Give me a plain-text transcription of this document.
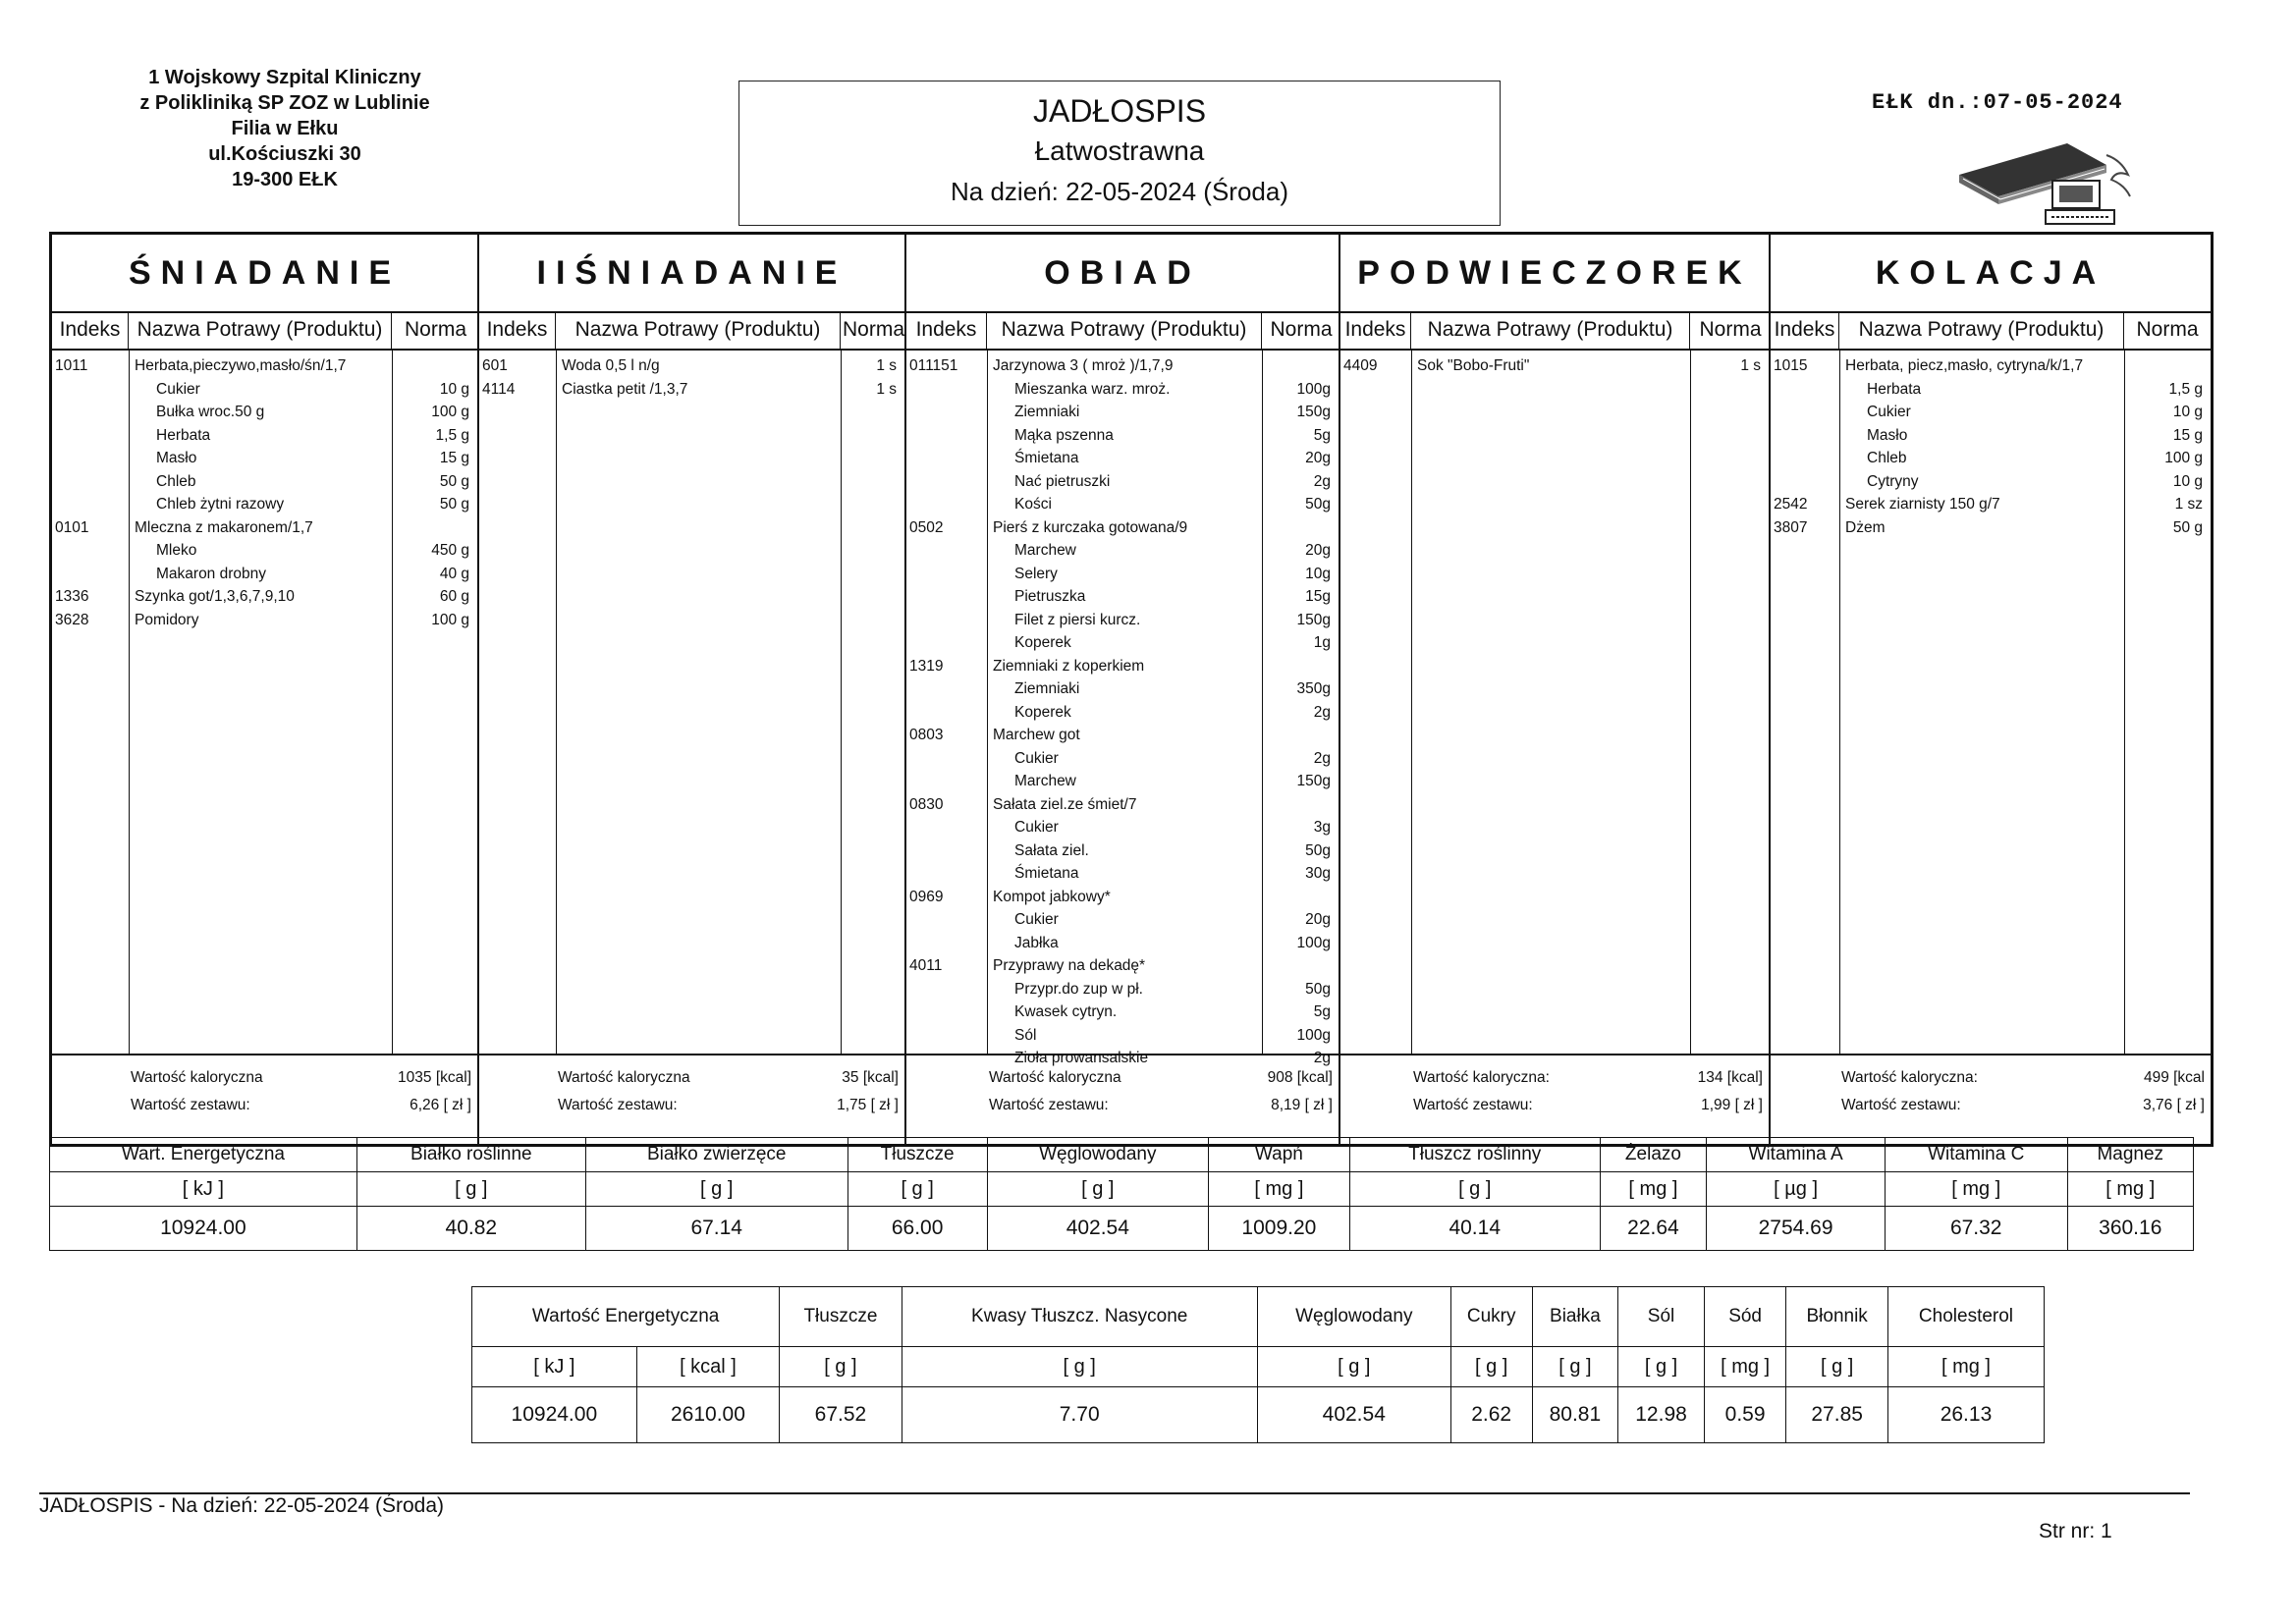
1 Wojskowy Szpital Kliniczny
z Polikliniką SP ZOZ w Lublinie
Filia w Ełku
ul.Kościuszki 30
19-300 EŁK
JADŁOSPIS
Łatwostrawna
Na dzień: 22-05-2024 (Środa)
EŁK dn.:07-05-2024
ŚNIADANIE
Indeks Nazwa Potrawy (Produktu)	Norma
1011	Herbata,pieczywo,masło/śn/1,7
Cukier	10 g
Bułka wroc.50 g	100 g
Herbata	1,5 g
Masło	15 g
Chleb	50 g
Chleb żytni razowy	50 g
0101	Mleczna z makaronem/1,7
Mleko	450 g
Makaron drobny	40 g
1336	Szynka got/1,3,6,7,9,10	60 g
3628	Pomidory	100 g
Wartość kaloryczna	1035 [kcal]
Wartość zestawu:	6,26 [ zł ]
IIŚNIADANIE
Indeks	Nazwa Potrawy (Produktu)	Norma
601	Woda 0,5 l n/g	1 s
4114	Ciastka petit /1,3,7	1 s
Wartość kaloryczna	35 [kcal]
Wartość zestawu:	1,75 [ zł ]
OBIAD
Indeks	Nazwa Potrawy (Produktu)	Norma
011151 Jarzynowa 3 ( mroż )/1,7,9
Mieszanka warz. mroż.	100g
Ziemniaki	150g
Mąka pszenna	5g
Śmietana	20g
Nać pietruszki	2g
Kości	50g
0502	Pierś z kurczaka gotowana/9
Marchew	20g
Selery	10g
Pietruszka	15g
Filet z piersi kurcz.	150g
Koperek	1g
1319	Ziemniaki z koperkiem
Ziemniaki	350g
Koperek	2g
0803	Marchew got
Cukier	2g
Marchew	150g
0830	Sałata ziel.ze śmiet/7
Cukier	3g
Sałata ziel.	50g
Śmietana	30g
0969	Kompot jabkowy*
Cukier	20g
Jabłka	100g
4011	Przyprawy na dekadę*
Przypr.do zup w pł.	50g
Kwasek cytryn.	5g
Sól	100g
Zioła prowansalskie	2g
Wartość kaloryczna	908 [kcal]
Wartość zestawu:	8,19 [ zł ]
PODWIECZOREK
Indeks	Nazwa Potrawy (Produktu)	Norma
4409	Sok "Bobo-Fruti"	1 s
Wartość kaloryczna:	134 [kcal]
Wartość zestawu:	1,99 [ zł ]
KOLACJA
Indeks	Nazwa Potrawy (Produktu)	Norma
1015 Herbata, piecz,masło, cytryna/k/1,7
Herbata	1,5 g
Cukier	10 g
Masło	15 g
Chleb	100 g
Cytryny	10 g
2542 Serek ziarnisty 150 g/7	1 sz
3807 Dżem	50 g
Wartość kaloryczna:	499 [kcal
Wartość zestawu:	3,76 [ zł ]
Wart. Energetyczna	Białko roślinne	Białko zwierzęce	Tłuszcze	Węglowodany	Wapń	Tłuszcz roślinny	Żelazo	Witamina A	Witamina C	Magnez
[ kJ ]	[ g ]	[ g ]	[ g ]	[ g ]	[ mg ]	[ g ]	[ mg ]	[ µg ]	[ mg ]	[ mg ]
10924.00	40.82	67.14	66.00	402.54	1009.20	40.14	22.64	2754.69	67.32	360.16
Wartość Energetyczna		Tłuszcze	Kwasy Tłuszcz. Nasycone	Węglowodany	Cukry	Białka	Sól	Sód	Błonnik	Cholesterol
[ kJ ]	[ kcal ]	[ g ]	[ g ]	[ g ]	[ g ]	[ g ]	[ g ]	[ mg ]	[ g ]	[ mg ]
10924.00	2610.00	67.52	7.70	402.54	2.62	80.81	12.98	0.59	27.85	26.13
JADŁOSPIS - Na dzień: 22-05-2024 (Środa)
Str nr: 1
